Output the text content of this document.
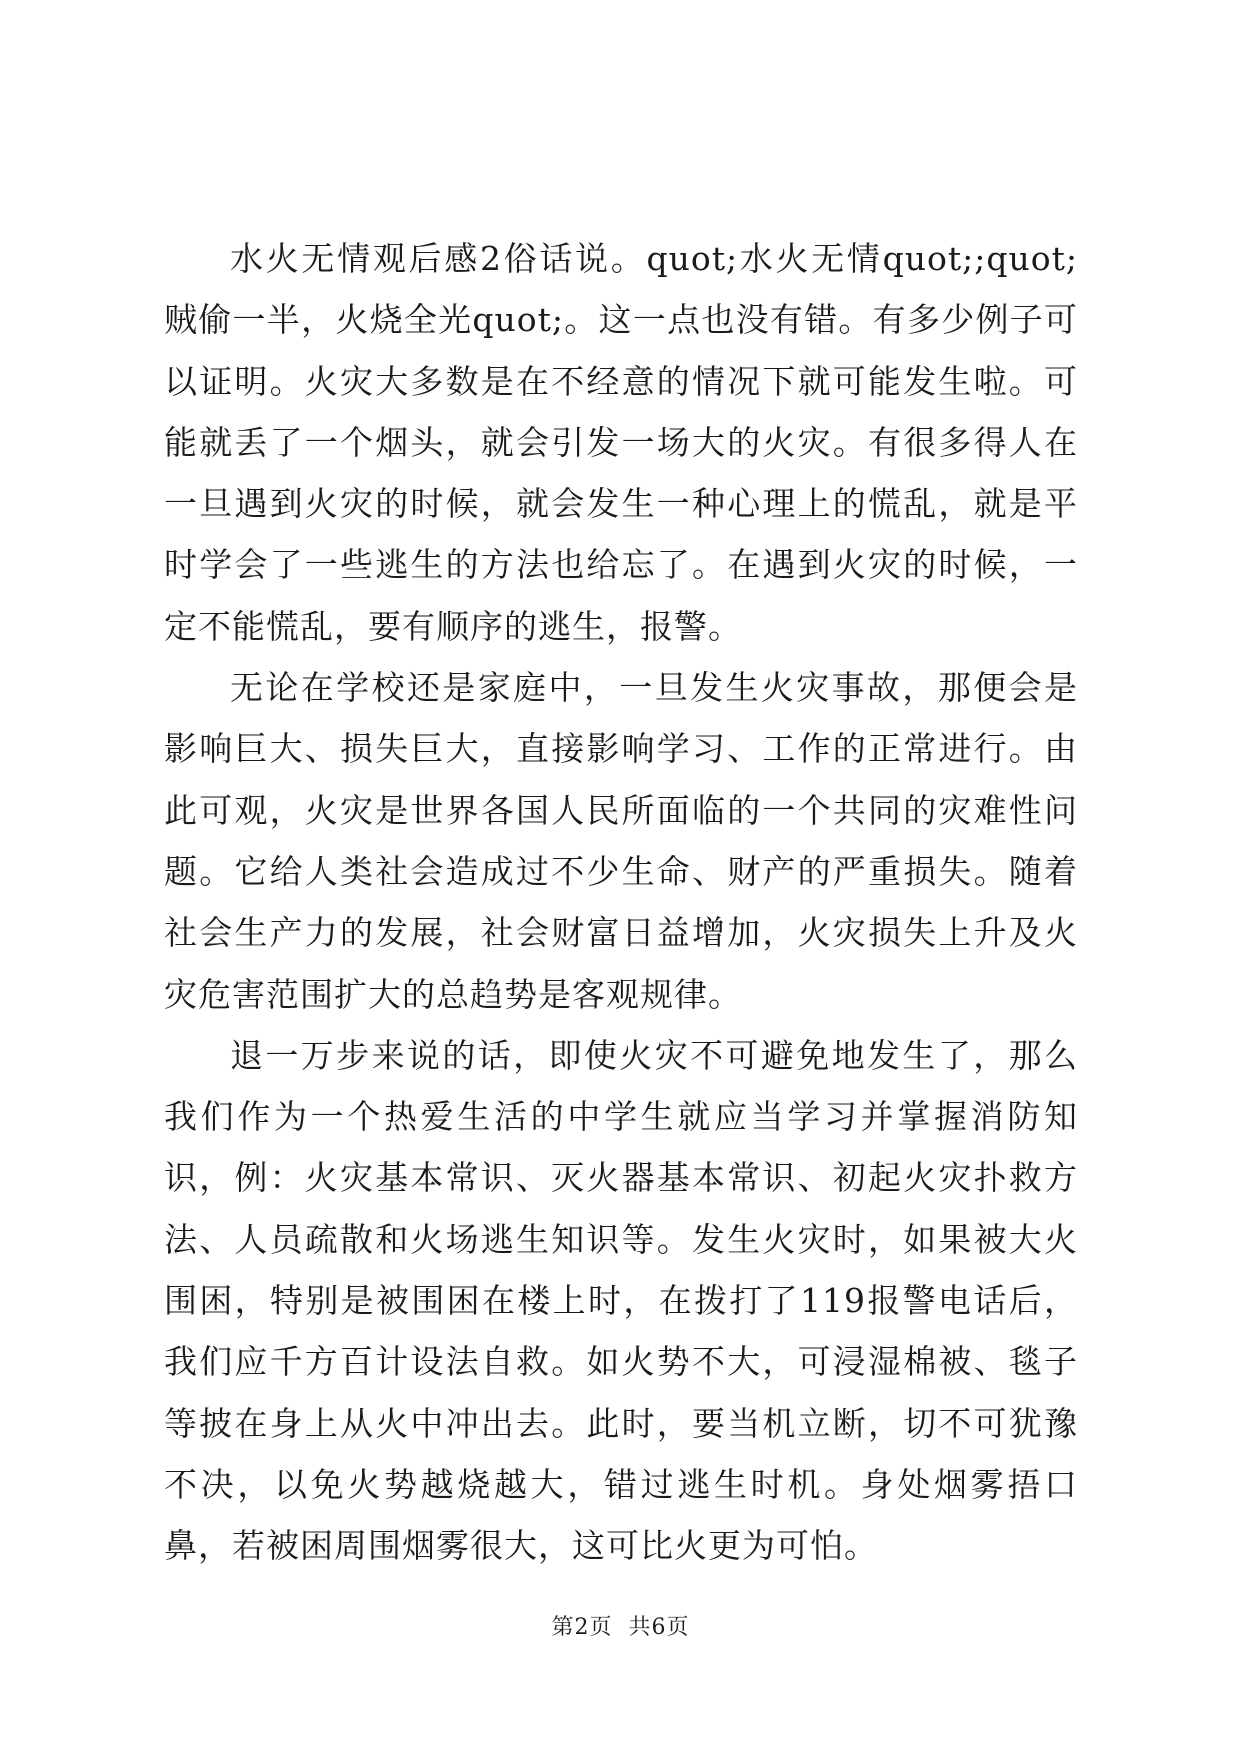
水火无情观后感2俗话说。quot;水火无情quot;;quot;贼偷一半，火烧全光quot;。这一点也没有错。有多少例子可以证明。火灾大多数是在不经意的情况下就可能发生啦。可能就丢了一个烟头，就会引发一场大的火灾。有很多得人在一旦遇到火灾的时候，就会发生一种心理上的慌乱，就是平时学会了一些逃生的方法也给忘了。在遇到火灾的时候，一定不能慌乱，要有顺序的逃生，报警。

无论在学校还是家庭中，一旦发生火灾事故，那便会是影响巨大、损失巨大，直接影响学习、工作的正常进行。由此可观，火灾是世界各国人民所面临的一个共同的灾难性问题。它给人类社会造成过不少生命、财产的严重损失。随着社会生产力的发展，社会财富日益增加，火灾损失上升及火灾危害范围扩大的总趋势是客观规律。

退一万步来说的话，即使火灾不可避免地发生了，那么我们作为一个热爱生活的中学生就应当学习并掌握消防知识，例：火灾基本常识、灭火器基本常识、初起火灾扑救方法、人员疏散和火场逃生知识等。发生火灾时，如果被大火围困，特别是被围困在楼上时，在拨打了119报警电话后，我们应千方百计设法自救。如火势不大，可浸湿棉被、毯子等披在身上从火中冲出去。此时，要当机立断，切不可犹豫不决，以免火势越烧越大，错过逃生时机。身处烟雾捂口鼻，若被困周围烟雾很大，这可比火更为可怕。

第2页 共6页
